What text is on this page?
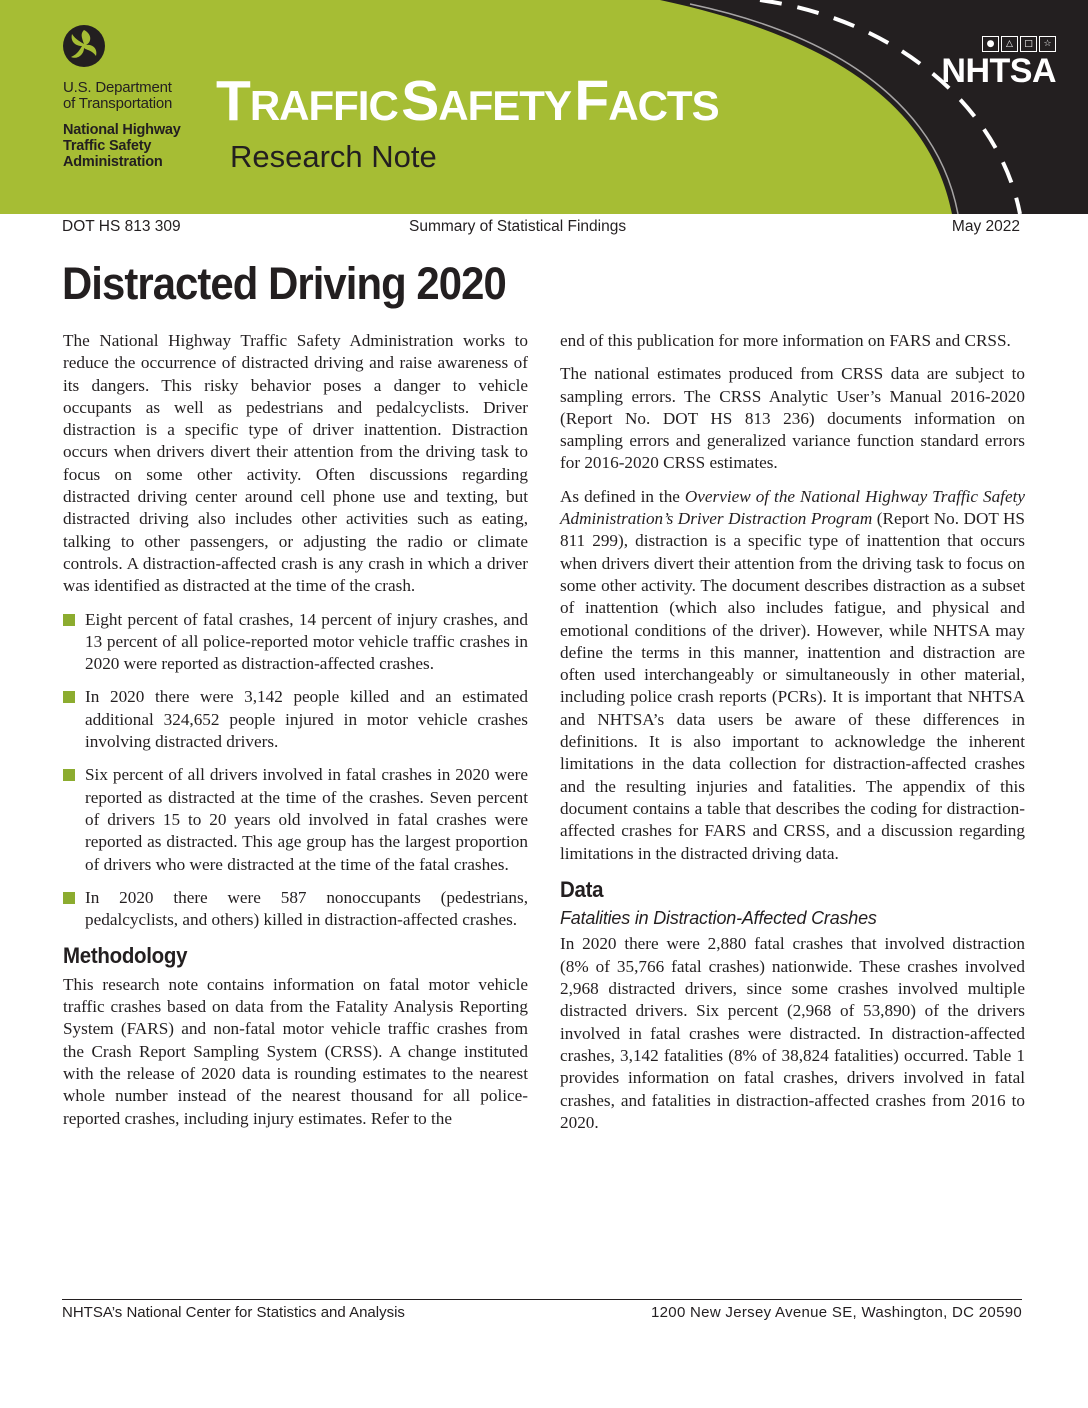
U.S. Department
of Transportation
National Highway
Traffic Safety
Administration
TRAFFIC SAFETY FACTS
Research Note
●	△	□	☆
NHTSA
DOT HS 813 309	Summary of Statistical Findings	May 2022
Distracted Driving 2020

The National Highway Traffic Safety Administration works to reduce the occurrence of distracted driving and raise awareness of its dangers. This risky behavior poses a danger to vehicle occupants as well as pedestrians and pedalcyclists. Driver distraction is a specific type of driver inattention. Distraction occurs when drivers divert their attention from the driving task to focus on some other activity. Often discussions regarding distracted driving center around cell phone use and texting, but distracted driving also includes other activities such as eating, talking to other passengers, or adjusting the radio or climate controls. A distraction-affected crash is any crash in which a driver was identified as distracted at the time of the crash.

Eight percent of fatal crashes, 14 percent of injury crashes, and 13 percent of all police-reported motor vehicle traffic crashes in 2020 were reported as distraction-affected crashes.
In 2020 there were 3,142 people killed and an estimated additional 324,652 people injured in motor vehicle crashes involving distracted drivers.
Six percent of all drivers involved in fatal crashes in 2020 were reported as distracted at the time of the crashes. Seven percent of drivers 15 to 20 years old involved in fatal crashes were reported as distracted. This age group has the largest proportion of drivers who were distracted at the time of the fatal crashes.
In 2020 there were 587 nonoccupants (pedestrians, pedalcyclists, and others) killed in distraction-affected crashes.
Methodology

This research note contains information on fatal motor vehicle traffic crashes based on data from the Fatality Analysis Reporting System (FARS) and non-fatal motor vehicle traffic crashes from the Crash Report Sampling System (CRSS). A change instituted with the release of 2020 data is rounding estimates to the nearest whole number instead of the nearest thousand for all police-reported crashes, including injury estimates. Refer to the

end of this publication for more information on FARS and CRSS.

The national estimates produced from CRSS data are subject to sampling errors. The CRSS Analytic User’s Manual 2016-2020 (Report No. DOT HS 813 236) documents information on sampling errors and generalized variance function standard errors for 2016-2020 CRSS estimates.

As defined in the Overview of the National Highway Traffic Safety Administration’s Driver Distraction Program (Report No. DOT HS 811 299), distraction is a specific type of inattention that occurs when drivers divert their attention from the driving task to focus on some other activity. The document describes distraction as a subset of inattention (which also includes fatigue, and physical and emotional conditions of the driver). However, while NHTSA may define the terms in this manner, inattention and distraction are often used interchangeably or simultaneously in other material, including police crash reports (PCRs). It is important that NHTSA and NHTSA’s data users be aware of these differences in definitions. It is also important to acknowledge the inherent limitations in the data collection for distraction-affected crashes and the resulting injuries and fatalities. The appendix of this document contains a table that describes the coding for distraction-affected crashes for FARS and CRSS, and a discussion regarding limitations in the distracted driving data.

Data
Fatalities in Distraction-Affected Crashes

In 2020 there were 2,880 fatal crashes that involved distraction (8% of 35,766 fatal crashes) nationwide. These crashes involved 2,968 distracted drivers, since some crashes involved multiple distracted drivers. Six percent (2,968 of 53,890) of the drivers involved in fatal crashes were distracted. In distraction-affected crashes, 3,142 fatalities (8% of 38,824 fatalities) occurred. Table 1 provides information on fatal crashes, drivers involved in fatal crashes, and fatalities in distraction-affected crashes from 2016 to 2020.

NHTSA’s National Center for Statistics and Analysis	1200 New Jersey Avenue SE, Washington, DC 20590
